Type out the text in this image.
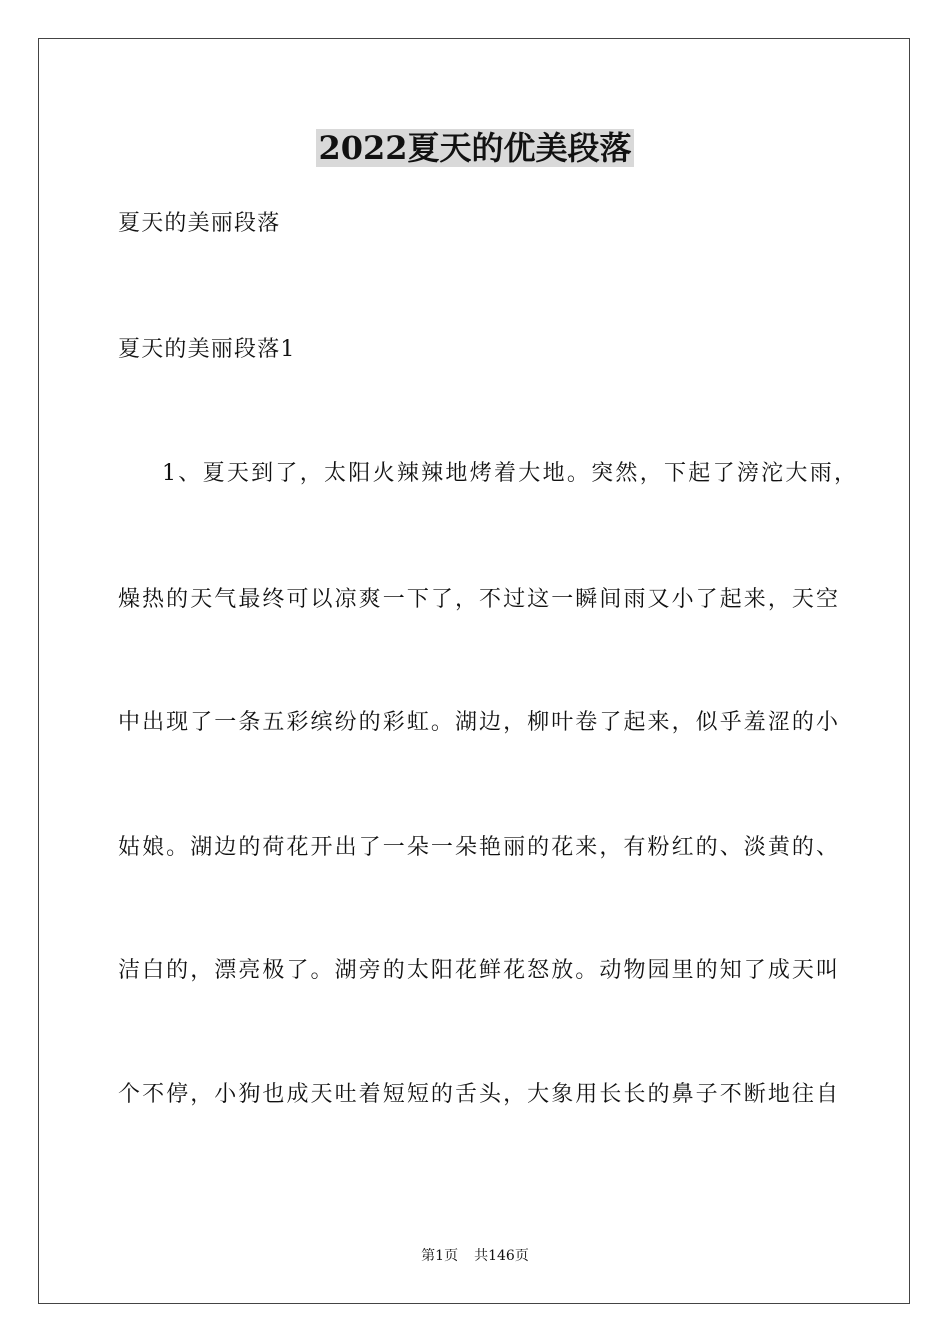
2022夏天的优美段落
夏天的美丽段落
夏天的美丽段落1
1、夏天到了，太阳火辣辣地烤着大地。突然，下起了滂沱大雨，
燥热的天气最终可以凉爽一下了，不过这一瞬间雨又小了起来，天空
中出现了一条五彩缤纷的彩虹。湖边，柳叶卷了起来，似乎羞涩的小
姑娘。湖边的荷花开出了一朵一朵艳丽的花来，有粉红的、淡黄的、
洁白的，漂亮极了。湖旁的太阳花鲜花怒放。动物园里的知了成天叫
个不停，小狗也成天吐着短短的舌头，大象用长长的鼻子不断地往自
第1页 共146页
